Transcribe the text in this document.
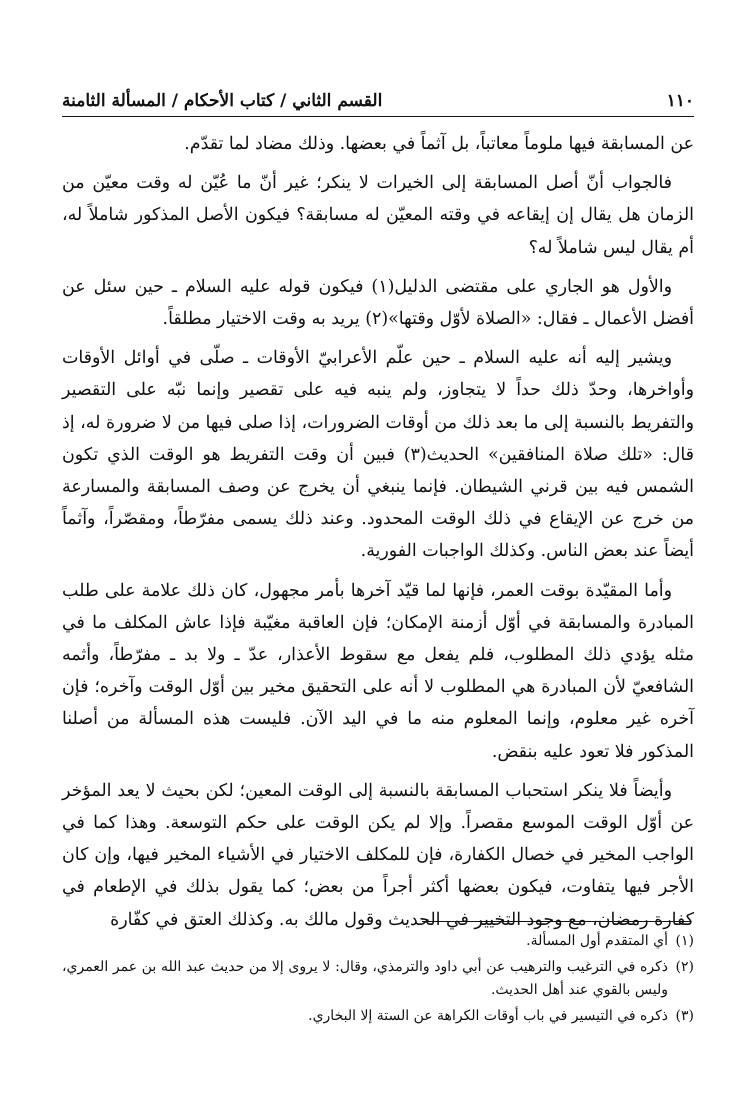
١١٠
القسم الثاني / كتاب الأحكام / المسألة الثامنة

عن المسابقة فيها ملوماً معاتباً، بل آثماً في بعضها. وذلك مضاد لما تقدّم.

فالجواب أنّ أصل المسابقة إلى الخيرات لا ينكر؛ غير أنّ ما عُيّن له وقت معيّن من الزمان هل يقال إن إيقاعه في وقته المعيّن له مسابقة؟ فيكون الأصل المذكور شاملاً له، أم يقال ليس شاملاً له؟

والأول هو الجاري على مقتضى الدليل(١) فيكون قوله عليه السلام ـ حين سئل عن أفضل الأعمال ـ فقال: «الصلاة لأوّل وقتها»(٢) يريد به وقت الاختيار مطلقاً.

ويشير إليه أنه عليه السلام ـ حين علّم الأعرابيّ الأوقات ـ صلّى في أوائل الأوقات وأواخرها، وحدّ ذلك حداً لا يتجاوز، ولم ينبه فيه على تقصير وإنما نبّه على التقصير والتفريط بالنسبة إلى ما بعد ذلك من أوقات الضرورات، إذا صلى فيها من لا ضرورة له، إذ قال: «تلك صلاة المنافقين» الحديث(٣) فبين أن وقت التفريط هو الوقت الذي تكون الشمس فيه بين قرني الشيطان. فإنما ينبغي أن يخرج عن وصف المسابقة والمسارعة من خرج عن الإيقاع في ذلك الوقت المحدود. وعند ذلك يسمى مفرّطاً، ومقصّراً، وآثماً أيضاً عند بعض الناس. وكذلك الواجبات الفورية.

وأما المقيّدة بوقت العمر، فإنها لما قيّد آخرها بأمر مجهول، كان ذلك علامة على طلب المبادرة والمسابقة في أوّل أزمنة الإمكان؛ فإن العاقبة مغيّبة فإذا عاش المكلف ما في مثله يؤدي ذلك المطلوب، فلم يفعل مع سقوط الأعذار، عدّ ـ ولا بد ـ مفرّطاً، وأثمه الشافعيّ لأن المبادرة هي المطلوب لا أنه على التحقيق مخير بين أوّل الوقت وآخره؛ فإن آخره غير معلوم، وإنما المعلوم منه ما في اليد الآن. فليست هذه المسألة من أصلنا المذكور فلا تعود عليه بنقض.

وأيضاً فلا ينكر استحباب المسابقة بالنسبة إلى الوقت المعين؛ لكن بحيث لا يعد المؤخر عن أوّل الوقت الموسع مقصراً. وإلا لم يكن الوقت على حكم التوسعة. وهذا كما في الواجب المخير في خصال الكفارة، فإن للمكلف الاختيار في الأشياء المخير فيها، وإن كان الأجر فيها يتفاوت، فيكون بعضها أكثر أجراً من بعض؛ كما يقول بذلك في الإطعام في كفارة رمضان، مع وجود التخيير في الحديث وقول مالك به. وكذلك العتق في كفّارة

(١)
أي المتقدم أول المسألة.

(٢)
ذكره في الترغيب والترهيب عن أبي داود والترمذي، وقال: لا يروى إلا من حديث عبد الله بن عمر العمري، وليس بالقوي عند أهل الحديث.

(٣)
ذكره في التيسير في باب أوقات الكراهة عن الستة إلا البخاري.
